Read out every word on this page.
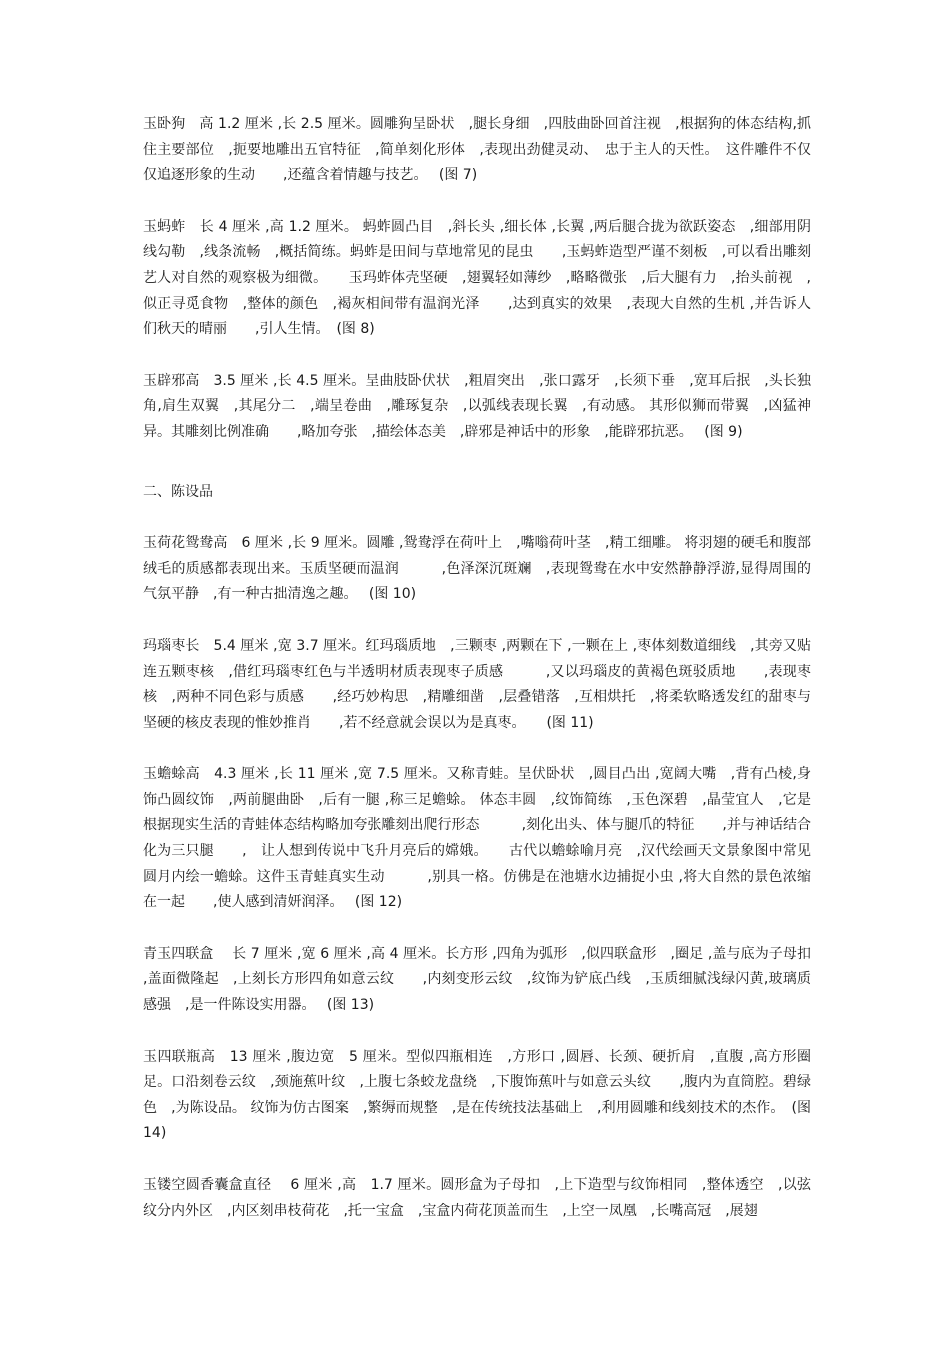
玉卧狗　高 1.2 厘米 ,长 2.5 厘米。圆雕狗呈卧状　,腿长身细　,四肢曲卧回首注视　,根据狗的体态结构,抓住主要部位　,扼要地雕出五官特征　,简单刻化形体　,表现出劲健灵动、　忠于主人的天性。　这件雕件不仅仅追逐形象的生动　　,还蕴含着情趣与技艺。　 (图 7)

玉蚂蚱　长 4 厘米 ,高 1.2 厘米。 蚂蚱圆凸目　,斜长头 ,细长体 ,长翼 ,两后腿合拢为欲跃姿态　,细部用阴线勾勒　,线条流畅　,概括简练。蚂蚱是田间与草地常见的昆虫　　,玉蚂蚱造型严谨不刻板　,可以看出雕刻艺人对自然的观察极为细微。　　玉玛蚱体壳坚硬　,翅翼轻如薄纱　,略略微张　,后大腿有力　,抬头前视　,似正寻觅食物　,整体的颜色　,褐灰相间带有温润光泽　　,达到真实的效果　,表现大自然的生机 ,并告诉人们秋天的晴丽　　,引人生情。　(图 8)

玉辟邪高　3.5 厘米 ,长 4.5 厘米。呈曲肢卧伏状　,粗眉突出　,张口露牙　,长须下垂　,宽耳后抿　,头长独角,肩生双翼　,其尾分二　,端呈卷曲　,雕琢复杂　,以弧线表现长翼　,有动感。 其形似狮而带翼　,凶猛神异。其雕刻比例准确　　,略加夸张　,描绘体态美　,辟邪是神话中的形象　,能辟邪抗恶。　 (图 9)

二、陈设品

玉荷花鸳鸯高　6 厘米 ,长 9 厘米。圆雕 ,鸳鸯浮在荷叶上　,嘴嗡荷叶茎　,精工细雕。 将羽翅的硬毛和腹部绒毛的质感都表现出来。玉质坚硬而温润　　　,色泽深沉斑斓　,表现鸳鸯在水中安然静静浮游,显得周围的气氛平静　,有一种古拙清逸之趣。　 (图 10)

玛瑙枣长　5.4 厘米 ,宽 3.7 厘米。红玛瑙质地　,三颗枣 ,两颗在下 ,一颗在上 ,枣体刻数道细线　,其旁又贴连五颗枣核　,借红玛瑙枣红色与半透明材质表现枣子质感　　　,又以玛瑙皮的黄褐色斑驳质地　　,表现枣核　,两种不同色彩与质感　　,经巧妙构思　,精雕细凿　,层叠错落　,互相烘托　,将柔软略透发红的甜枣与坚硬的核皮表现的惟妙推肖　　,若不经意就会误以为是真枣。　　(图 11)

玉蟾蜍高　4.3 厘米 ,长 11 厘米 ,宽 7.5 厘米。又称青蛙。呈伏卧状　,圆目凸出 ,宽阔大嘴　,背有凸棱,身饰凸圆纹饰　,两前腿曲卧　,后有一腿 ,称三足蟾蜍。 体态丰圆　,纹饰简练　,玉色深碧　,晶莹宜人　,它是根据现实生活的青蛙体态结构略加夸张雕刻出爬行形态　　　,刻化出头、体与腿爪的特征　　,并与神话结合化为三只腿　　,　让人想到传说中飞升月亮后的嫦娥。　　古代以蟾蜍喻月亮　,汉代绘画天文景象图中常见圆月内绘一蟾蜍。这件玉青蛙真实生动　　　,别具一格。仿佛是在池塘水边捕捉小虫 ,将大自然的景色浓缩在一起　　,使人感到清妍润泽。　 (图 12)

青玉四联盒　 长 7 厘米 ,宽 6 厘米 ,高 4 厘米。长方形 ,四角为弧形　,似四联盒形　,圈足 ,盖与底为子母扣 ,盖面微隆起　,上刻长方形四角如意云纹　　,内刻变形云纹　,纹饰为铲底凸线　,玉质细腻浅绿闪黄,玻璃质感强　,是一件陈设实用器。　 (图 13)

玉四联瓶高　13 厘米 ,腹边宽　5 厘米。型似四瓶相连　,方形口 ,圆唇、长颈、硬折肩　,直腹 ,高方形圈足。口沿刻卷云纹　,颈施蕉叶纹　,上腹七条蛟龙盘绕　,下腹饰蕉叶与如意云头纹　　,腹内为直筒腔。碧绿色　,为陈设品。 纹饰为仿古图案　,繁缛而规整　,是在传统技法基础上　,利用圆雕和线刻技术的杰作。　(图 14)

玉镂空圆香囊盒直径　 6 厘米 ,高　1.7 厘米。圆形盒为子母扣　,上下造型与纹饰相同　,整体透空　,以弦纹分内外区　,内区刻串枝荷花　,托一宝盒　,宝盒内荷花顶盖而生　,上空一凤凰　,长嘴高冠　,展翅
